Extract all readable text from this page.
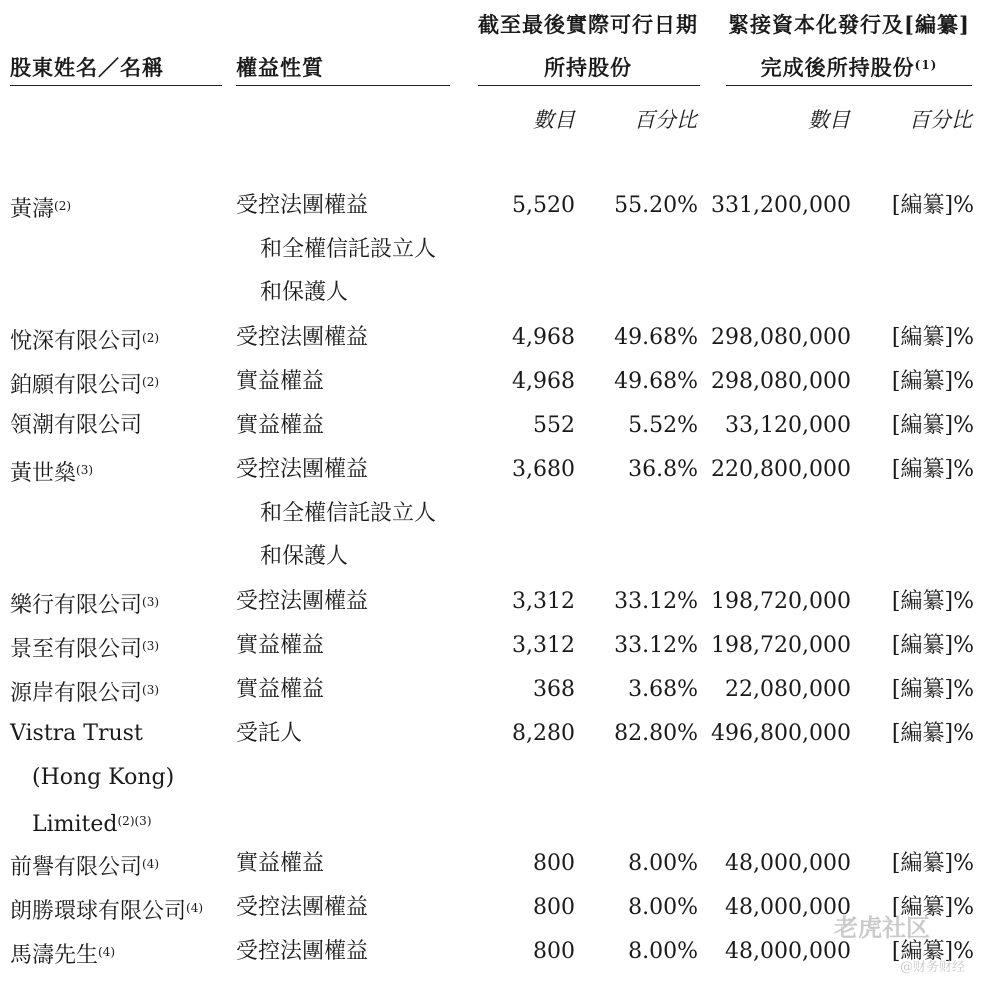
股東姓名／名稱	權益性質
截至最後實際可行日期
所持股份
緊接資本化發行及[編纂]
完成後所持股份$^{(1)}$
數目	百分比	數目	百分比
黃濤$^{(2)}$	受控法團權益
和全權信託設立人
和保護人
5,520	55.20% 331,200,000	[編纂]%
悅深有限公司$^{(2)}$	受控法團權益	4,968	49.68% 298,080,000	[編纂]%
鉑願有限公司$^{(2)}$	實益權益	4,968	49.68% 298,080,000	[編纂]%
領潮有限公司	實益權益	552	5.52%	33,120,000	[編纂]%
黃世燊$^{(3)}$	受控法團權益
和全權信託設立人
和保護人
3,680	36.8% 220,800,000	[編纂]%
樂行有限公司$^{(3)}$	受控法團權益	3,312	33.12% 198,720,000	[編纂]%
景至有限公司$^{(3)}$	實益權益	3,312	33.12% 198,720,000	[編纂]%
源岸有限公司$^{(3)}$	實益權益	368	3.68%	22,080,000	[編纂]%
Vistra Trust
(Hong Kong)
Limited$^{(2)(3)}$
受託人	8,280	82.80% 496,800,000	[編纂]%
前譽有限公司$^{(4)}$	實益權益	800	8.00%	48,000,000	[編纂]%
朗勝環球有限公司$^{(4)}$ 受控法團權益	800	8.00%	48,000,000	[編纂]%
馬濤先生$^{(4)}$	受控法團權益	800	8.00%	48,000,000	[編纂]%
老虎社区
@财务财经
